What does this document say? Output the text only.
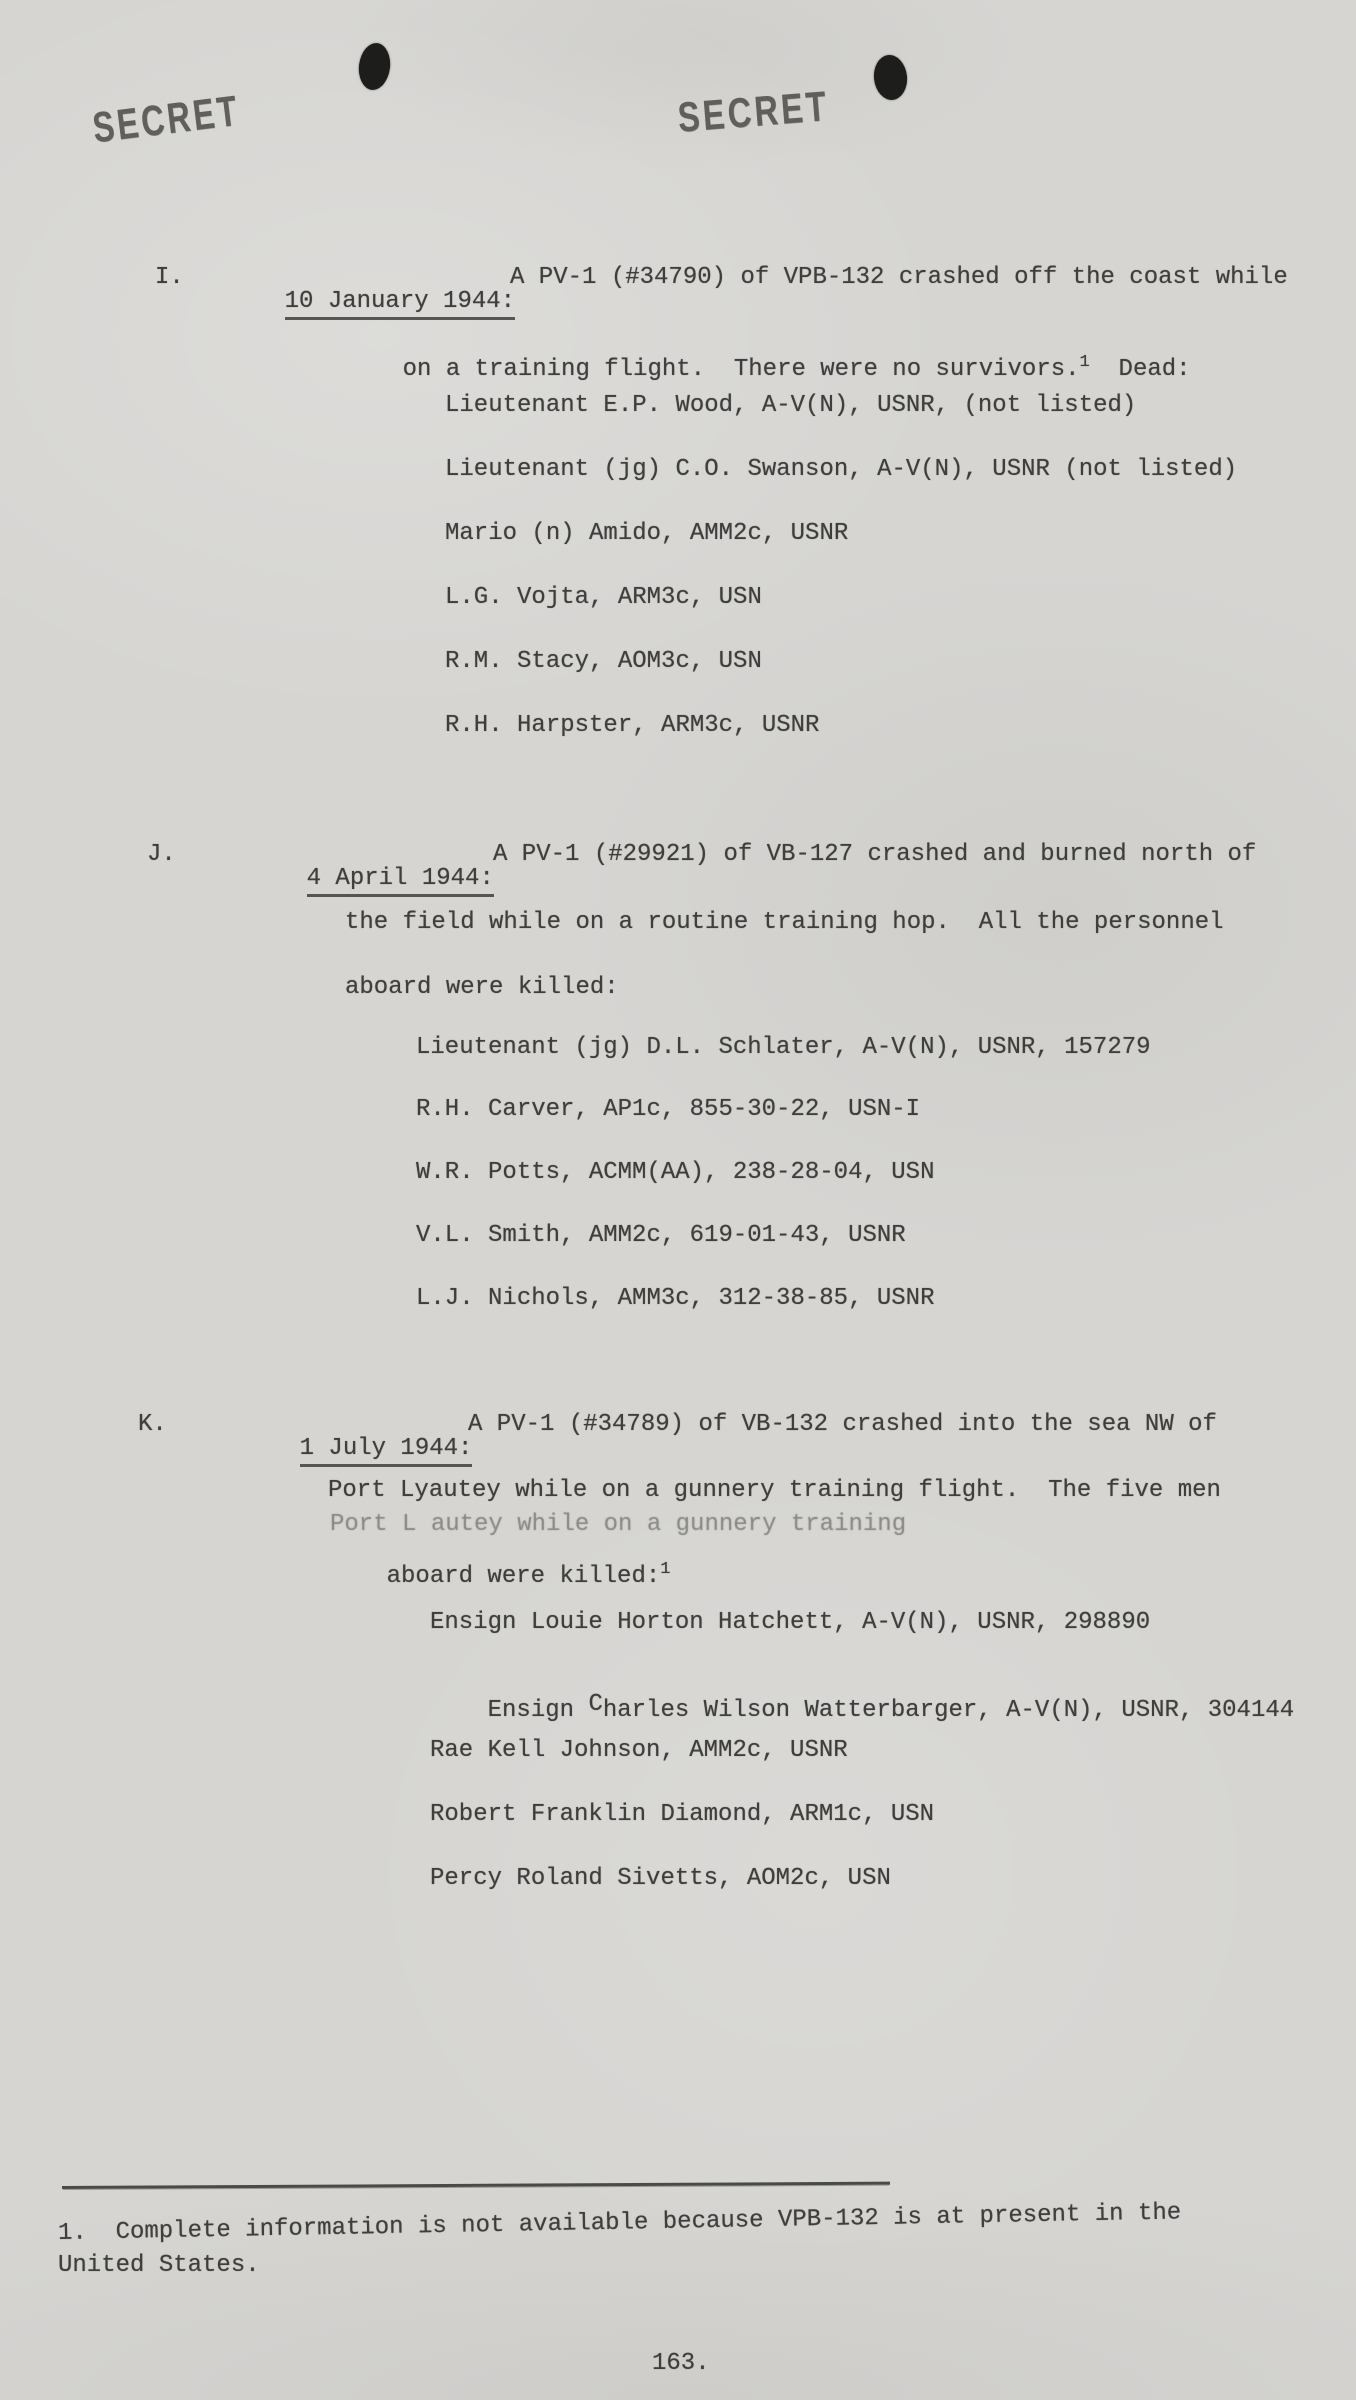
SECRET	SECRET
I.

10 January 1944:

A PV-1 (#34790) of VPB-132 crashed off the coast while

on a training flight.  There were no survivors.$^1$  Dead:

Lieutenant E.P. Wood, A-V(N), USNR, (not listed)
Lieutenant (jg) C.O. Swanson, A-V(N), USNR (not listed)
Mario (n) Amido, AMM2c, USNR
L.G. Vojta, ARM3c, USN
R.M. Stacy, AOM3c, USN
R.H. Harpster, ARM3c, USNR
J.

4 April 1944:

A PV-1 (#29921) of VB-127 crashed and burned north of
the field while on a routine training hop.  All the personnel
aboard were killed:
Lieutenant (jg) D.L. Schlater, A-V(N), USNR, 157279
R.H. Carver, AP1c, 855-30-22, USN-I
W.R. Potts, ACMM(AA), 238-28-04, USN
V.L. Smith, AMM2c, 619-01-43, USNR
L.J. Nichols, AMM3c, 312-38-85, USNR
K.

1 July 1944:

A PV-1 (#34789) of VB-132 crashed into the sea NW of
Port Lyautey while on a gunnery training flight.  The five men
Port L autey while on a gunnery training

aboard were killed:$^1$

Ensign Louie Horton Hatchett, A-V(N), USNR, 298890

Ensign Charles Wilson Watterbarger, A-V(N), USNR, 304144

Rae Kell Johnson, AMM2c, USNR
Robert Franklin Diamond, ARM1c, USN
Percy Roland Sivetts, AOM2c, USN
1.  Complete information is not available because VPB-132 is at present in the
United States.
163.
